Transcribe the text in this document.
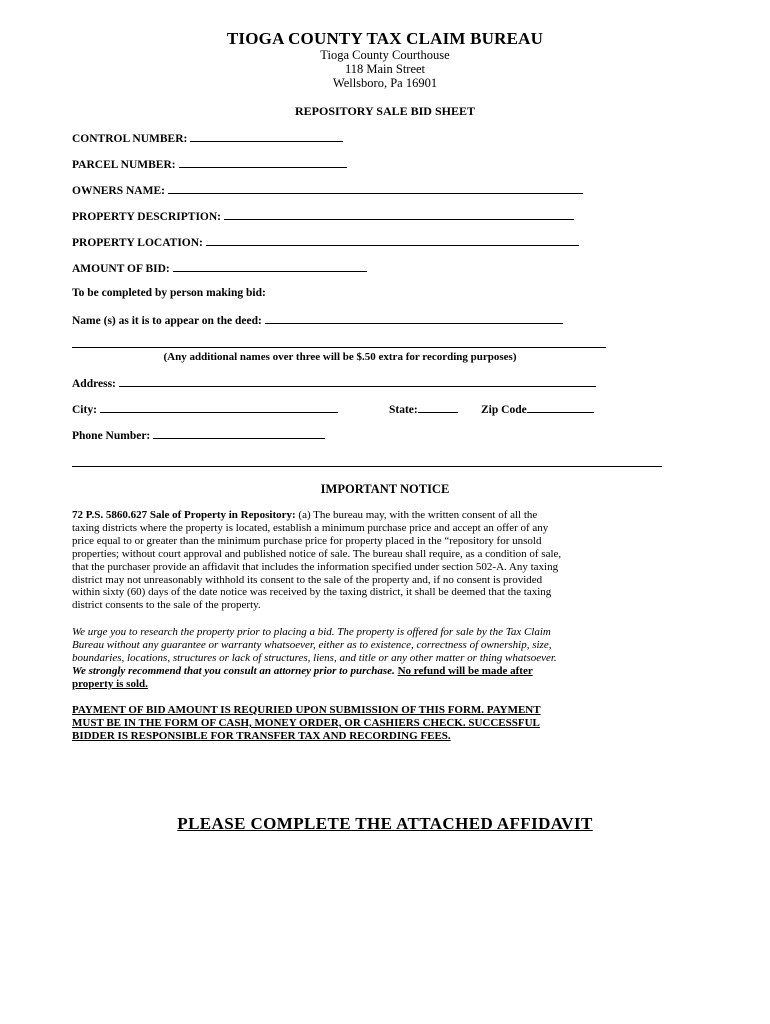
TIOGA COUNTY TAX CLAIM BUREAU
Tioga County Courthouse
118 Main Street
Wellsboro, Pa 16901
REPOSITORY SALE BID SHEET
CONTROL NUMBER:
PARCEL NUMBER:
OWNERS NAME:
PROPERTY DESCRIPTION:
PROPERTY LOCATION:
AMOUNT OF BID:
To be completed by person making bid:
Name (s) as it is to appear on the deed:
(Any additional names over three will be $.50 extra for recording purposes)
Address:
City:	State:	Zip Code
Phone Number:
IMPORTANT NOTICE
72 P.S. 5860.627 Sale of Property in Repository: (a) The bureau may, with the written consent of all the
taxing districts where the property is located, establish a minimum purchase price and accept an offer of any
price equal to or greater than the minimum purchase price for property placed in the “repository for unsold
properties; without court approval and published notice of sale. The bureau shall require, as a condition of sale,
that the purchaser provide an affidavit that includes the information specified under section 502-A. Any taxing
district may not unreasonably withhold its consent to the sale of the property and, if no consent is provided
within sixty (60) days of the date notice was received by the taxing district, it shall be deemed that the taxing
district consents to the sale of the property.
We urge you to research the property prior to placing a bid. The property is offered for sale by the Tax Claim
Bureau without any guarantee or warranty whatsoever, either as to existence, correctness of ownership, size,
boundaries, locations, structures or lack of structures, liens, and title or any other matter or thing whatsoever.
We strongly recommend that you consult an attorney prior to purchase. No refund will be made after
property is sold.
PAYMENT OF BID AMOUNT IS REQURIED UPON SUBMISSION OF THIS FORM. PAYMENT
MUST BE IN THE FORM OF CASH, MONEY ORDER, OR CASHIERS CHECK. SUCCESSFUL
BIDDER IS RESPONSIBLE FOR TRANSFER TAX AND RECORDING FEES.
PLEASE COMPLETE THE ATTACHED AFFIDAVIT
